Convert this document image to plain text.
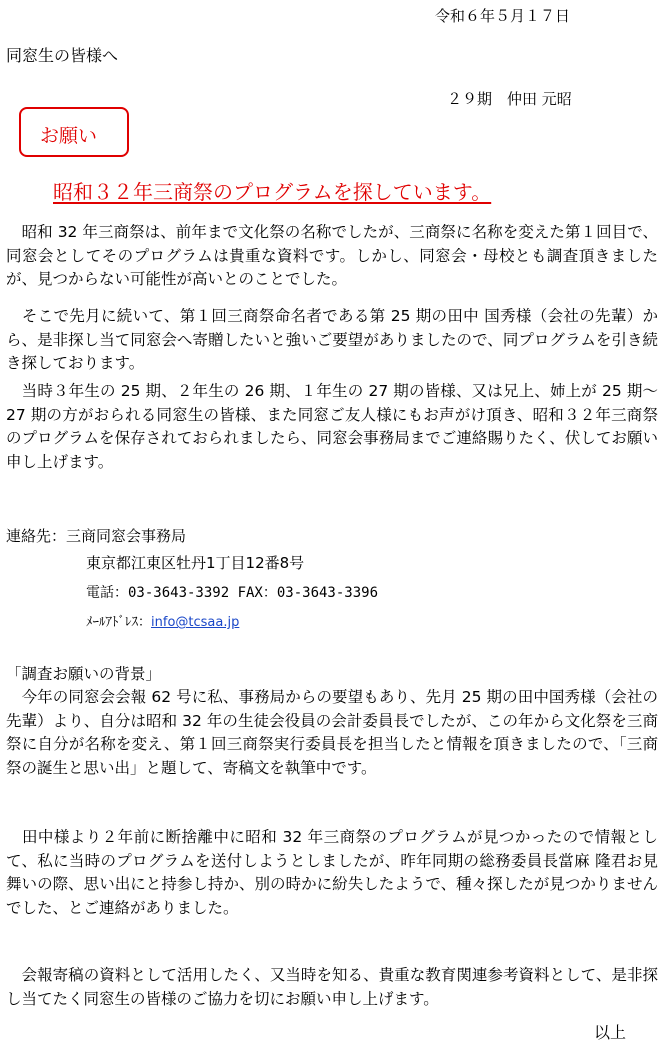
令和６年５月１７日
同窓生の皆様へ
２９期　仲田 元昭
お願い
昭和３２年三商祭のプログラムを探しています。
　昭和 32 年三商祭は、前年まで文化祭の名称でしたが、三商祭に名称を変えた第１回目で、同窓会としてそのプログラムは貴重な資料です。しかし、同窓会・母校とも調査頂きましたが、見つからない可能性が高いとのことでした。
　そこで先月に続いて、第１回三商祭命名者である第 25 期の田中 国秀様（会社の先輩）から、是非探し当て同窓会へ寄贈したいと強いご要望がありましたので、同プログラムを引き続き探しております。
　当時３年生の 25 期、２年生の 26 期、１年生の 27 期の皆様、又は兄上、姉上が 25 期～27 期の方がおられる同窓生の皆様、また同窓ご友人様にもお声がけ頂き、昭和３２年三商祭のプログラムを保存されておられましたら、同窓会事務局までご連絡賜りたく、伏してお願い申し上げます。
連絡先：三商同窓会事務局
東京都江東区牡丹1丁目12番8号
電話：03-3643-3392 FAX：03-3643-3396
ﾒｰﾙｱﾄﾞﾚｽ：info@tcsaa.jp
「調査お願いの背景」
　今年の同窓会会報 62 号に私、事務局からの要望もあり、先月 25 期の田中国秀様（会社の先輩）より、自分は昭和 32 年の生徒会役員の会計委員長でしたが、この年から文化祭を三商祭に自分が名称を変え、第１回三商祭実行委員長を担当したと情報を頂きましたので、「三商祭の誕生と思い出」と題して、寄稿文を執筆中です。
　田中様より２年前に断捨離中に昭和 32 年三商祭のプログラムが見つかったので情報として、私に当時のプログラムを送付しようとしましたが、昨年同期の総務委員長當麻 隆君お見舞いの際、思い出にと持参し持か、別の時かに紛失したようで、種々探したが見つかりませんでした、とご連絡がありました。
　会報寄稿の資料として活用したく、又当時を知る、貴重な教育関連参考資料として、是非探し当てたく同窓生の皆様のご協力を切にお願い申し上げます。
以上
